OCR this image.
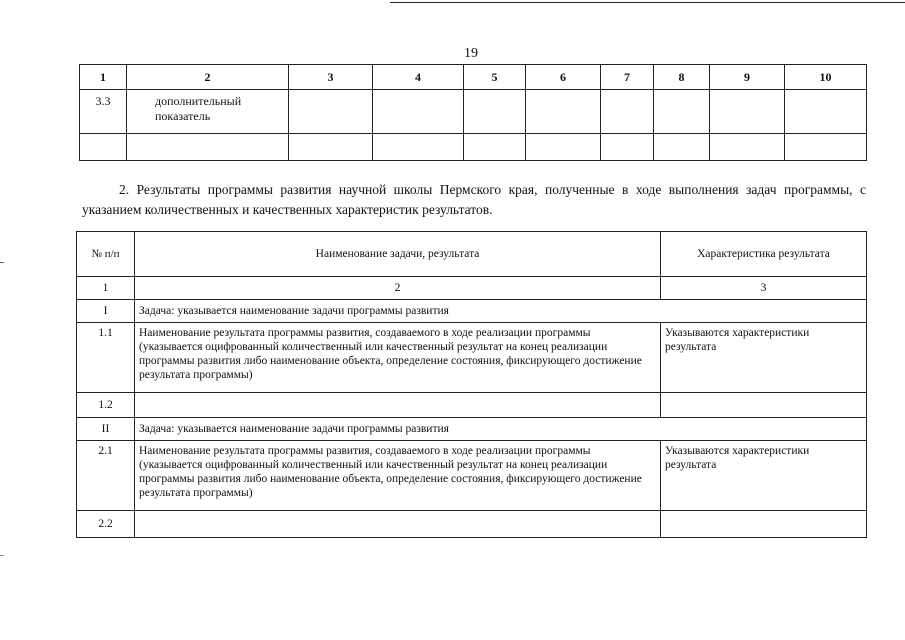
19
1	2	3	4	5	6	7	8	9	10
3.3	дополнительный показатель								

2. Результаты программы развития научной школы Пермского края, полученные в ходе выполнения задач программы, с указанием количественных и качественных характеристик результатов.
№ п/п	Наименование задачи, результата	Характеристика результата
1	2	3
I	Задача: указывается наименование задачи программы развития	
1.1	Наименование результата программы развития, создаваемого в ходе реализации программы (указывается оцифрованный количественный или качественный результат на конец реализации программы развития либо наименование объекта, определение состояния, фиксирующего достижение результата программы)	Указываются характеристики результата
1.2		
II	Задача: указывается наименование задачи программы развития	
2.1	Наименование результата программы развития, создаваемого в ходе реализации программы (указывается оцифрованный количественный или качественный результат на конец реализации программы развития либо наименование объекта, определение состояния, фиксирующего достижение результата программы)	Указываются характеристики результата
2.2		
